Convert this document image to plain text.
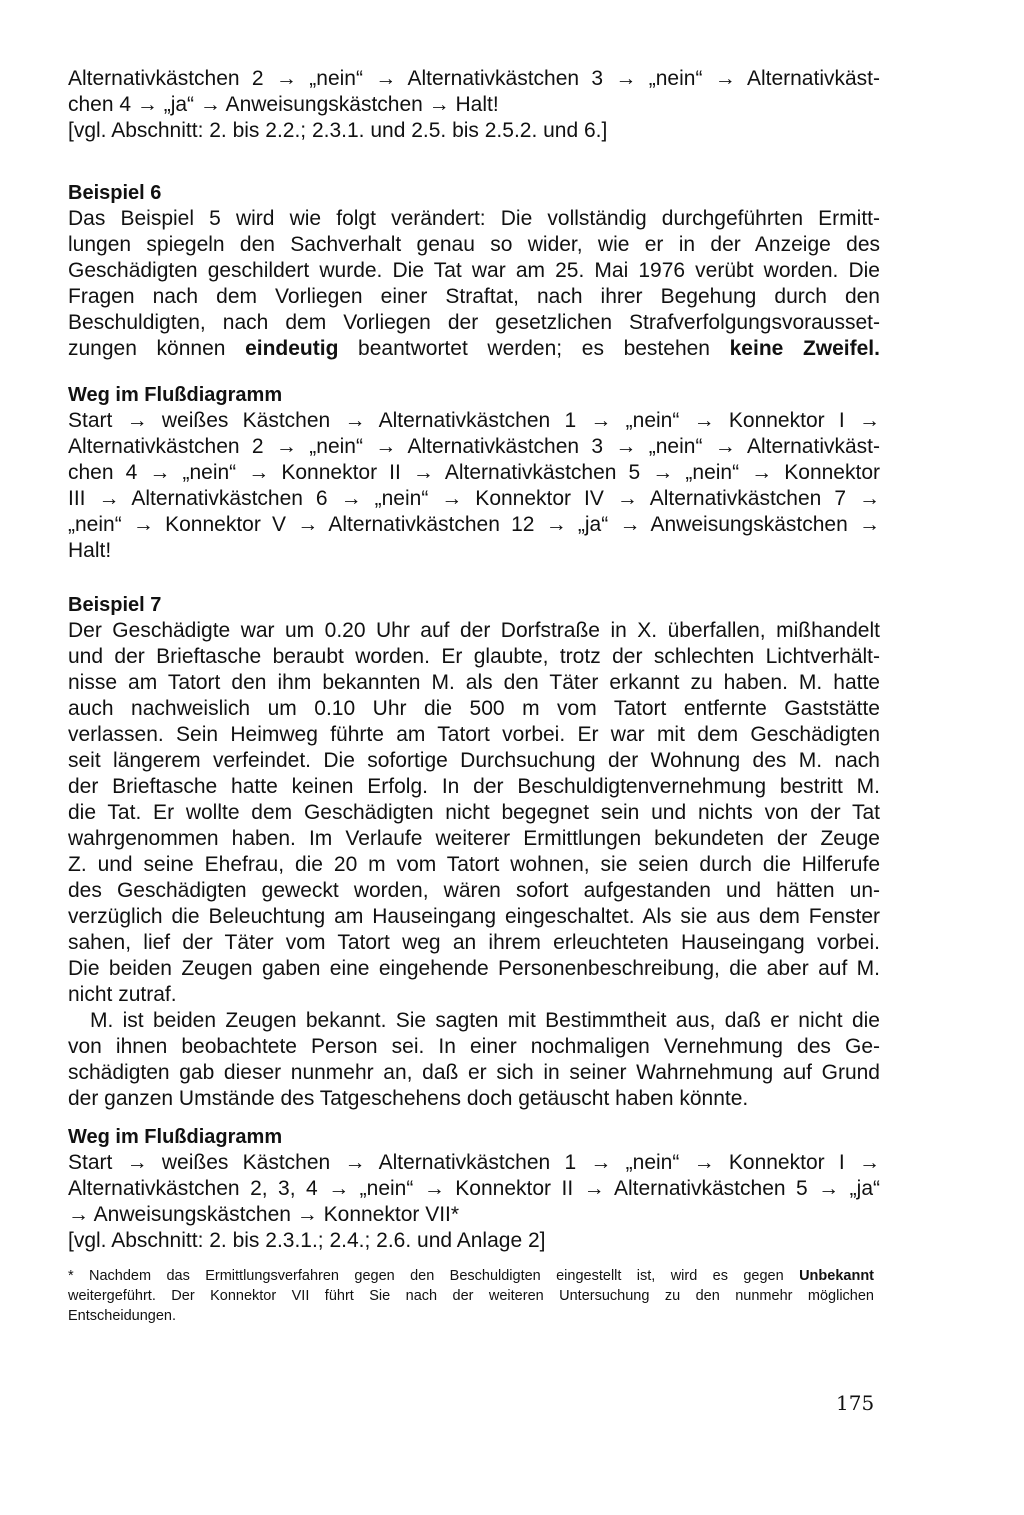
Alternativkästchen 2 → „nein“ → Alternativkästchen 3 → „nein“ → Alternativkäst-
chen 4 → „ja“ → Anweisungskästchen → Halt!
[vgl. Abschnitt: 2. bis 2.2.; 2.3.1. und 2.5. bis 2.5.2. und 6.]
Beispiel 6
Das Beispiel 5 wird wie folgt verändert: Die vollständig durchgeführten Ermitt-
lungen spiegeln den Sachverhalt genau so wider, wie er in der Anzeige des
Geschädigten geschildert wurde. Die Tat war am 25. Mai 1976 verübt worden. Die
Fragen nach dem Vorliegen einer Straftat, nach ihrer Begehung durch den
Beschuldigten, nach dem Vorliegen der gesetzlichen Strafverfolgungsvorausset-
zungen können eindeutig beantwortet werden; es bestehen keine Zweifel.
Weg im Flußdiagramm
Start → weißes Kästchen → Alternativkästchen 1 → „nein“ → Konnektor I →
Alternativkästchen 2 → „nein“ → Alternativkästchen 3 → „nein“ → Alternativkäst-
chen 4 → „nein“ → Konnektor II → Alternativkästchen 5 → „nein“ → Konnektor
III → Alternativkästchen 6 → „nein“ → Konnektor IV → Alternativkästchen 7 →
„nein“ → Konnektor V → Alternativkästchen 12 → „ja“ → Anweisungskästchen →
Halt!
Beispiel 7
Der Geschädigte war um 0.20 Uhr auf der Dorfstraße in X. überfallen, mißhandelt
und der Brieftasche beraubt worden. Er glaubte, trotz der schlechten Lichtverhält-
nisse am Tatort den ihm bekannten M. als den Täter erkannt zu haben. M. hatte
auch nachweislich um 0.10 Uhr die 500 m vom Tatort entfernte Gaststätte
verlassen. Sein Heimweg führte am Tatort vorbei. Er war mit dem Geschädigten
seit längerem verfeindet. Die sofortige Durchsuchung der Wohnung des M. nach
der Brieftasche hatte keinen Erfolg. In der Beschuldigtenvernehmung bestritt M.
die Tat. Er wollte dem Geschädigten nicht begegnet sein und nichts von der Tat
wahrgenommen haben. Im Verlaufe weiterer Ermittlungen bekundeten der Zeuge
Z. und seine Ehefrau, die 20 m vom Tatort wohnen, sie seien durch die Hilferufe
des Geschädigten geweckt worden, wären sofort aufgestanden und hätten un-
verzüglich die Beleuchtung am Hauseingang eingeschaltet. Als sie aus dem Fenster
sahen, lief der Täter vom Tatort weg an ihrem erleuchteten Hauseingang vorbei.
Die beiden Zeugen gaben eine eingehende Personenbeschreibung, die aber auf M.
nicht zutraf.
M. ist beiden Zeugen bekannt. Sie sagten mit Bestimmtheit aus, daß er nicht die
von ihnen beobachtete Person sei. In einer nochmaligen Vernehmung des Ge-
schädigten gab dieser nunmehr an, daß er sich in seiner Wahrnehmung auf Grund
der ganzen Umstände des Tatgeschehens doch getäuscht haben könnte.
Weg im Flußdiagramm
Start → weißes Kästchen → Alternativkästchen 1 → „nein“ → Konnektor I →
Alternativkästchen 2, 3, 4 → „nein“ → Konnektor II → Alternativkästchen 5 → „ja“
→ Anweisungskästchen → Konnektor VII*
[vgl. Abschnitt: 2. bis 2.3.1.; 2.4.; 2.6. und Anlage 2]
* Nachdem das Ermittlungsverfahren gegen den Beschuldigten eingestellt ist, wird es gegen Unbekannt
weitergeführt. Der Konnektor VII führt Sie nach der weiteren Untersuchung zu den nunmehr möglichen
Entscheidungen.
175
